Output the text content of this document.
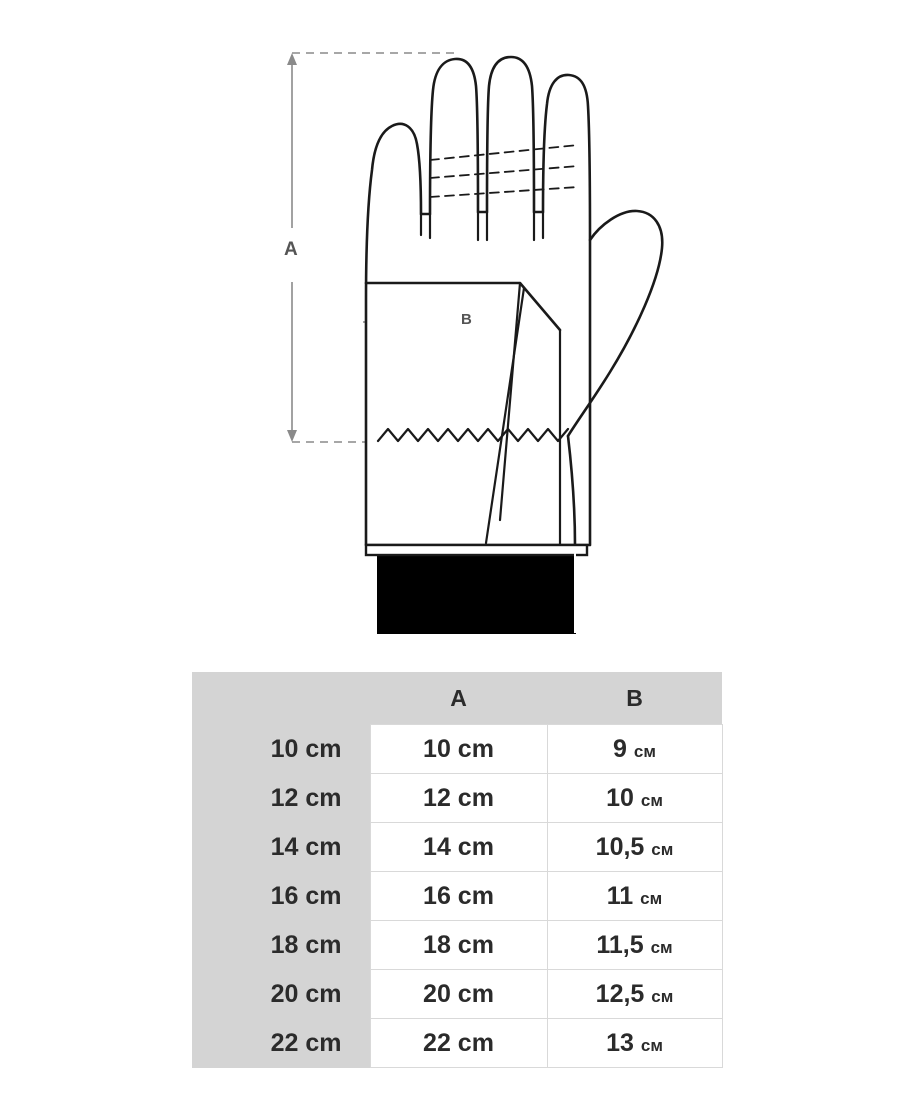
A
B
	A	B
10 cm	10 cm	9 см
12 cm	12 cm	10 см
14 cm	14 cm	10,5 см
16 cm	16 cm	11 см
18 cm	18 cm	11,5 см
20 cm	20 cm	12,5 см
22 cm	22 cm	13 см
